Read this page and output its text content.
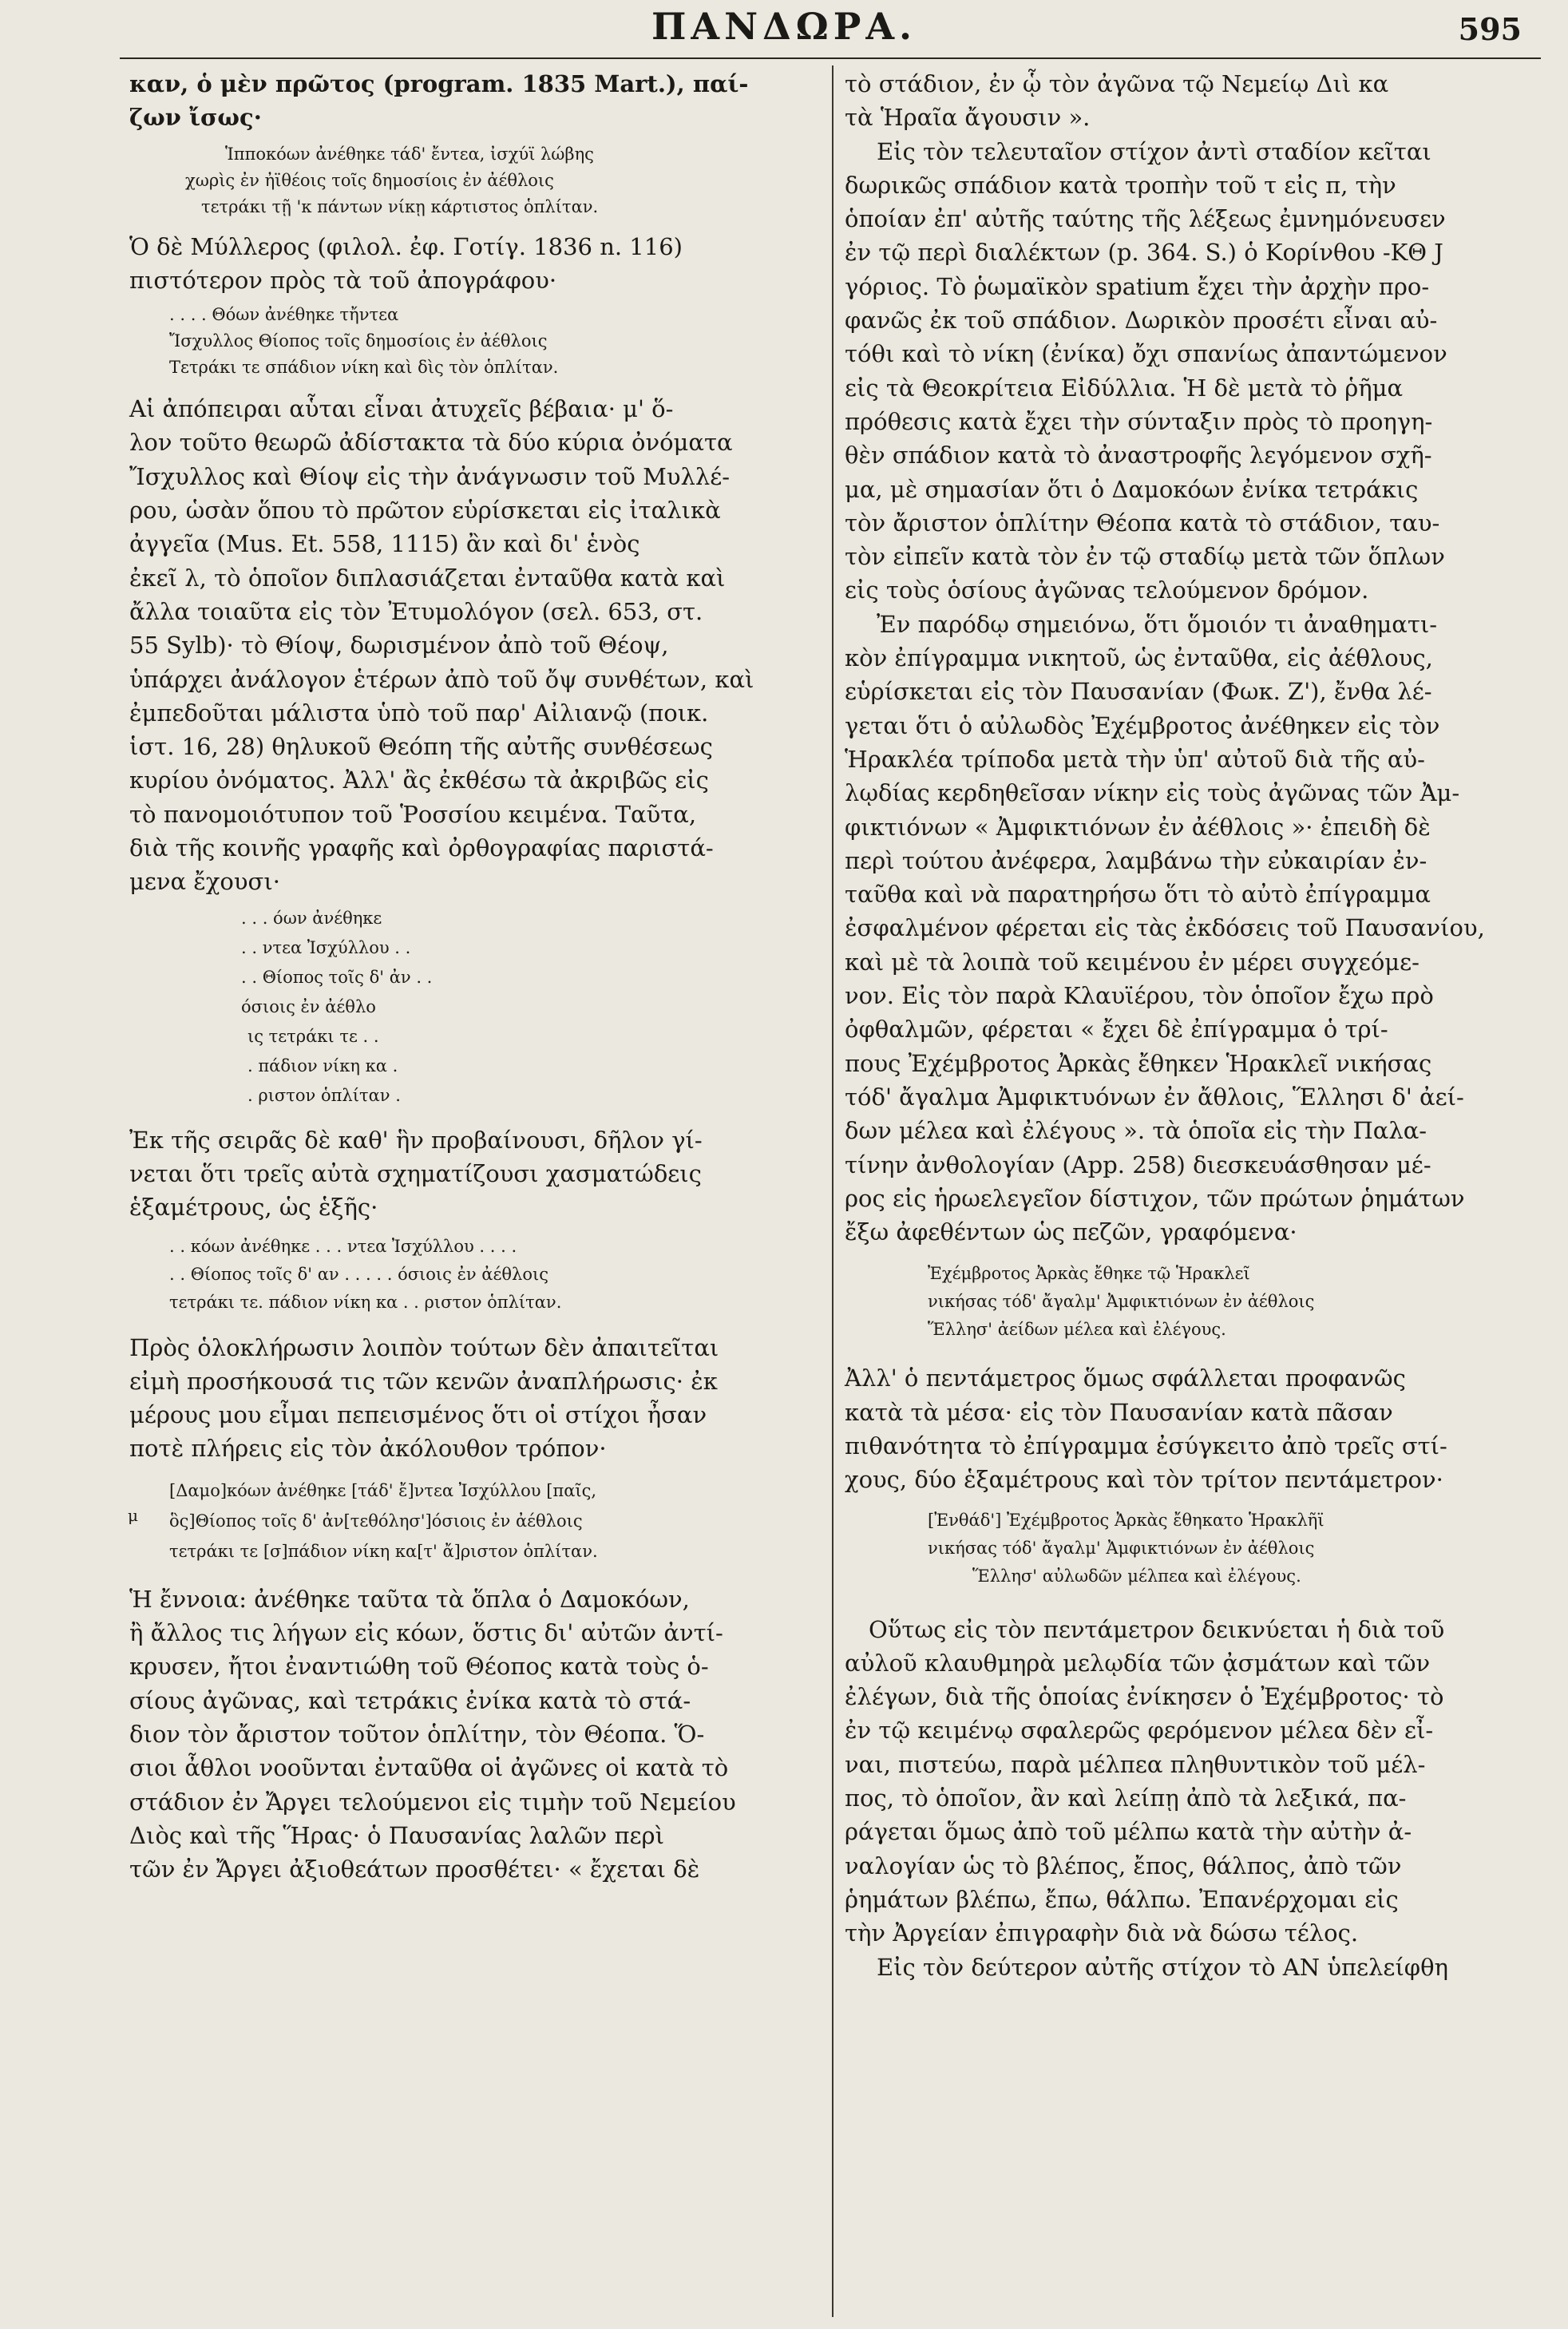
ΠΑΝΔΩΡΑ.	595
καν, ὁ μὲν πρῶτος (program. 1835 Mart.), παί-
ζων ἴσως·
Ἱπποκόων ἀνέθηκε τάδ' ἔντεα, ἰσχύϊ λώβης
χωρὶς ἐν ἠϊθέοις τοῖς δημοσίοις ἐν ἀέθλοις
τετράκι τῇ 'κ πάντων νίκῃ κάρτιστος ὁπλίταν.
Ὁ δὲ Μύλλερος (φιλολ. ἐφ. Γοτίγ. 1836 n. 116)
πιστότερον πρὸς τὰ τοῦ ἀπογράφου·
. . . . Θόων ἀνέθηκε τἤντεα
Ἴσχυλλος Θίοπος τοῖς δημοσίοις ἐν ἀέθλοις
Τετράκι τε σπάδιον νίκη καὶ δὶς τὸν ὁπλίταν.
Αἱ ἀπόπειραι αὗται εἶναι ἀτυχεῖς βέβαια· μ' ὅ-
λον τοῦτο θεωρῶ ἀδίστακτα τὰ δύο κύρια ὀνόματα
Ἴσχυλλος καὶ Θίοψ εἰς τὴν ἀνάγνωσιν τοῦ Μυλλέ-
ρου, ὡσὰν ὅπου τὸ πρῶτον εὑρίσκεται εἰς ἰταλικὰ
ἀγγεῖα (Mus. Et. 558, 1115) ἂν καὶ δι' ἑνὸς
ἐκεῖ λ, τὸ ὁποῖον διπλασιάζεται ἐνταῦθα κατὰ καὶ
ἄλλα τοιαῦτα εἰς τὸν Ἐτυμολόγον (σελ. 653, στ.
55 Sylb)· τὸ Θίοψ, δωρισμένον ἀπὸ τοῦ Θέοψ,
ὑπάρχει ἀνάλογον ἑτέρων ἀπὸ τοῦ ὄψ συνθέτων, καὶ
ἐμπεδοῦται μάλιστα ὑπὸ τοῦ παρ' Αἰλιανῷ (ποικ.
ἱστ. 16, 28) θηλυκοῦ Θεόπη τῆς αὐτῆς συνθέσεως
κυρίου ὀνόματος. Ἀλλ' ἂς ἐκθέσω τὰ ἀκριβῶς εἰς
τὸ πανομοιότυπον τοῦ Ῥοσσίου κειμένα. Ταῦτα,
διὰ τῆς κοινῆς γραφῆς καὶ ὀρθογραφίας παριστά-
μενα ἔχουσι·
. . . όων ἀνέθηκε
. . ντεα Ἰσχύλλου . .
. . Θίοπος τοῖς δ' ἀν . .
όσιοις ἐν ἀέθλο
ις τετράκι τε . .
. πάδιον νίκη κα .
. ριστον ὁπλίταν .
Ἐκ τῆς σειρᾶς δὲ καθ' ἣν προβαίνουσι, δῆλον γί-
νεται ὅτι τρεῖς αὐτὰ σχηματίζουσι χασματώδεις
ἑξαμέτρους, ὡς ἑξῆς·
. . κόων ἀνέθηκε . . . ντεα Ἰσχύλλου . . . .
. . Θίοπος τοῖς δ' αν . . . . . όσιοις ἐν ἀέθλοις
τετράκι τε. πάδιον νίκη κα . . ριστον ὁπλίταν.
Πρὸς ὁλοκλήρωσιν λοιπὸν τούτων δὲν ἀπαιτεῖται
εἰμὴ προσήκουσά τις τῶν κενῶν ἀναπλήρωσις· ἐκ
μέρους μου εἶμαι πεπεισμένος ὅτι οἱ στίχοι ἦσαν
ποτὲ πλήρεις εἰς τὸν ἀκόλουθον τρόπον·
μ
[Δαμο]κόων ἀνέθηκε [τάδ' ἔ]ντεα Ἰσχύλλου [παῖς,
ὃς]Θίοπος τοῖς δ' ἀν[τεθόλησ']όσιοις ἐν ἀέθλοις
τετράκι τε [σ]πάδιον νίκη κα[τ' ἄ]ριστον ὁπλίταν.
Ἡ ἔννοια: ἀνέθηκε ταῦτα τὰ ὅπλα ὁ Δαμοκόων,
ἢ ἄλλος τις λήγων εἰς κόων, ὅστις δι' αὐτῶν ἀντί-
κρυσεν, ἤτοι ἐναντιώθη τοῦ Θέοπος κατὰ τοὺς ὁ-
σίους ἀγῶνας, καὶ τετράκις ἐνίκα κατὰ τὸ στά-
διον τὸν ἄριστον τοῦτον ὁπλίτην, τὸν Θέοπα. Ὅ-
σιοι ἆθλοι νοοῦνται ἐνταῦθα οἱ ἀγῶνες οἱ κατὰ τὸ
στάδιον ἐν Ἄργει τελούμενοι εἰς τιμὴν τοῦ Νεμείου
Διὸς καὶ τῆς Ἥρας· ὁ Παυσανίας λαλῶν περὶ
τῶν ἐν Ἄργει ἀξιοθεάτων προσθέτει· « ἔχεται δὲ
τὸ στάδιον, ἐν ᾧ τὸν ἀγῶνα τῷ Νεμείῳ Διὶ κα
τὰ Ἡραῖα ἄγουσιν ».
Εἰς τὸν τελευταῖον στίχον ἀντὶ σταδίον κεῖται
δωρικῶς σπάδιον κατὰ τροπὴν τοῦ τ εἰς π, τὴν
ὁποίαν ἐπ' αὐτῆς ταύτης τῆς λέξεως ἐμνημόνευσεν
ἐν τῷ περὶ διαλέκτων (p. 364. S.) ὁ Κορίνθου -ΚΘ J
γόριος. Τὸ ῥωμαϊκὸν spatium ἔχει τὴν ἀρχὴν προ-
φανῶς ἐκ τοῦ σπάδιον. Δωρικὸν προσέτι εἶναι αὐ-
τόθι καὶ τὸ νίκη (ἐνίκα) ὄχι σπανίως ἀπαντώμενον
εἰς τὰ Θεοκρίτεια Εἰδύλλια. Ἡ δὲ μετὰ τὸ ῥῆμα
πρόθεσις κατὰ ἔχει τὴν σύνταξιν πρὸς τὸ προηγη-
θὲν σπάδιον κατὰ τὸ ἀναστροφῆς λεγόμενον σχῆ-
μα, μὲ σημασίαν ὅτι ὁ Δαμοκόων ἐνίκα τετράκις
τὸν ἄριστον ὁπλίτην Θέοπα κατὰ τὸ στάδιον, ταυ-
τὸν εἰπεῖν κατὰ τὸν ἐν τῷ σταδίῳ μετὰ τῶν ὅπλων
εἰς τοὺς ὁσίους ἀγῶνας τελούμενον δρόμον.
Ἐν παρόδῳ σημειόνω, ὅτι ὅμοιόν τι ἀναθηματι-
κὸν ἐπίγραμμα νικητοῦ, ὡς ἐνταῦθα, εἰς ἀέθλους,
εὑρίσκεται εἰς τὸν Παυσανίαν (Φωκ. Ζ'), ἔνθα λέ-
γεται ὅτι ὁ αὐλωδὸς Ἐχέμβροτος ἀνέθηκεν εἰς τὸν
Ἡρακλέα τρίποδα μετὰ τὴν ὑπ' αὐτοῦ διὰ τῆς αὐ-
λῳδίας κερδηθεῖσαν νίκην εἰς τοὺς ἀγῶνας τῶν Ἀμ-
φικτιόνων « Ἀμφικτιόνων ἐν ἀέθλοις »· ἐπειδὴ δὲ
περὶ τούτου ἀνέφερα, λαμβάνω τὴν εὐκαιρίαν ἐν-
ταῦθα καὶ νὰ παρατηρήσω ὅτι τὸ αὐτὸ ἐπίγραμμα
ἐσφαλμένον φέρεται εἰς τὰς ἐκδόσεις τοῦ Παυσανίου,
καὶ μὲ τὰ λοιπὰ τοῦ κειμένου ἐν μέρει συγχεόμε-
νον. Εἰς τὸν παρὰ Κλαυϊέρου, τὸν ὁποῖον ἔχω πρὸ
ὀφθαλμῶν, φέρεται « ἔχει δὲ ἐπίγραμμα ὁ τρί-
πους Ἐχέμβροτος Ἀρκὰς ἔθηκεν Ἡρακλεῖ νικήσας
τόδ' ἄγαλμα Ἀμφικτυόνων ἐν ἄθλοις, Ἕλλησι δ' ἀεί-
δων μέλεα καὶ ἐλέγους ». τὰ ὁποῖα εἰς τὴν Παλα-
τίνην ἀνθολογίαν (App. 258) διεσκευάσθησαν μέ-
ρος εἰς ἡρωελεγεῖον δίστιχον, τῶν πρώτων ῥημάτων
ἔξω ἀφεθέντων ὡς πεζῶν, γραφόμενα·
Ἐχέμβροτος Ἀρκὰς ἔθηκε τῷ Ἡρακλεῖ
νικήσας τόδ' ἄγαλμ' Ἀμφικτιόνων ἐν ἀέθλοις
Ἕλλησ' ἀείδων μέλεα καὶ ἐλέγους.
Ἀλλ' ὁ πεντάμετρος ὅμως σφάλλεται προφανῶς
κατὰ τὰ μέσα· εἰς τὸν Παυσανίαν κατὰ πᾶσαν
πιθανότητα τὸ ἐπίγραμμα ἐσύγκειτο ἀπὸ τρεῖς στί-
χους, δύο ἑξαμέτρους καὶ τὸν τρίτον πεντάμετρον·
[Ἐνθάδ'] Ἐχέμβροτος Ἀρκὰς ἔθηκατο Ἡρακλῆϊ
νικήσας τόδ' ἄγαλμ' Ἀμφικτιόνων ἐν ἀέθλοις
Ἕλλησ' αὐλωδῶν μέλπεα καὶ ἐλέγους.
Οὕτως εἰς τὸν πεντάμετρον δεικνύεται ἡ διὰ τοῦ
αὐλοῦ κλαυθμηρὰ μελῳδία τῶν ᾀσμάτων καὶ τῶν
ἐλέγων, διὰ τῆς ὁποίας ἐνίκησεν ὁ Ἐχέμβροτος· τὸ
ἐν τῷ κειμένῳ σφαλερῶς φερόμενον μέλεα δὲν εἶ-
ναι, πιστεύω, παρὰ μέλπεα πληθυντικὸν τοῦ μέλ-
πος, τὸ ὁποῖον, ἂν καὶ λείπῃ ἀπὸ τὰ λεξικά, πα-
ράγεται ὅμως ἀπὸ τοῦ μέλπω κατὰ τὴν αὐτὴν ἀ-
ναλογίαν ὡς τὸ βλέπος, ἔπος, θάλπος, ἀπὸ τῶν
ῥημάτων βλέπω, ἔπω, θάλπω. Ἐπανέρχομαι εἰς
τὴν Ἀργείαν ἐπιγραφὴν διὰ νὰ δώσω τέλος.
Εἰς τὸν δεύτερον αὐτῆς στίχον τὸ ΑΝ ὑπελείφθη
